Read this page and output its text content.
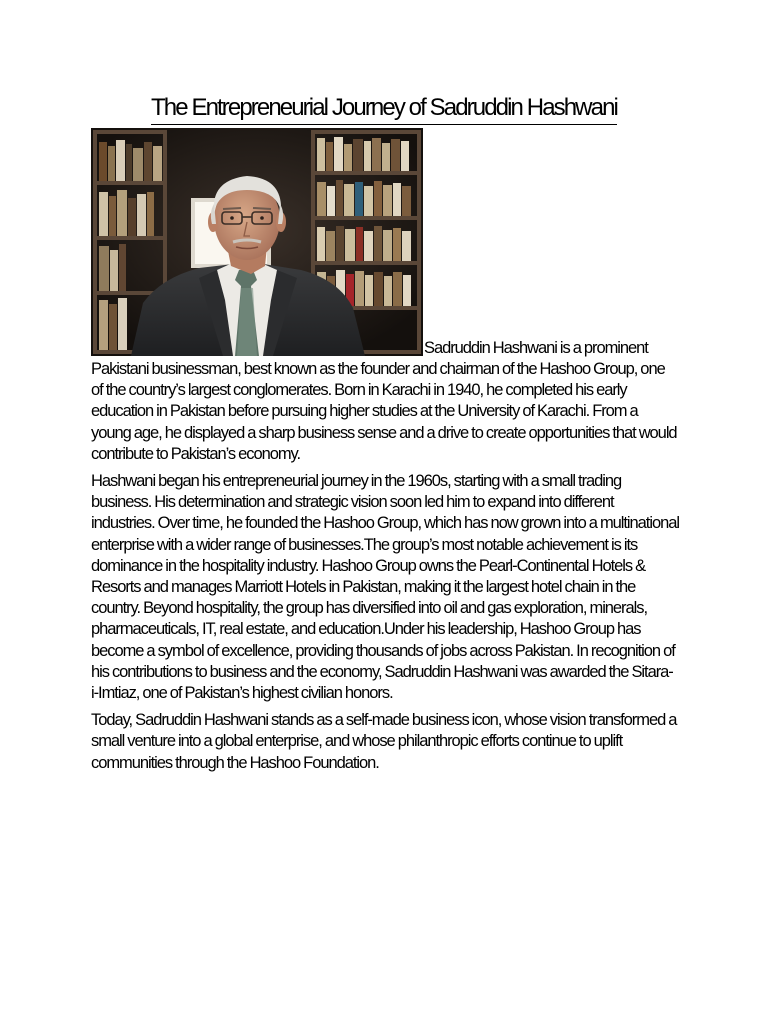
The Entrepreneurial Journey of Sadruddin Hashwani

Sadruddin Hashwani is a prominent
Pakistani businessman, best known as the founder and chairman of the Hashoo Group, one of the country’s largest conglomerates. Born in Karachi in 1940, he completed his early education in Pakistan before pursuing higher studies at the University of Karachi. From a young age, he displayed a sharp business sense and a drive to create opportunities that would contribute to Pakistan’s economy.

Hashwani began his entrepreneurial journey in the 1960s, starting with a small trading business. His determination and strategic vision soon led him to expand into different industries. Over time, he founded the Hashoo Group, which has now grown into a multinational enterprise with a wider range of businesses.The group’s most notable achievement is its dominance in the hospitality industry. Hashoo Group owns the Pearl-Continental Hotels & Resorts and manages Marriott Hotels in Pakistan, making it the largest hotel chain in the country. Beyond hospitality, the group has diversified into oil and gas exploration, minerals, pharmaceuticals, IT, real estate, and education.Under his leadership, Hashoo Group has become a symbol of excellence, providing thousands of jobs across Pakistan. In recognition of his contributions to business and the economy, Sadruddin Hashwani was awarded the Sitara-i-Imtiaz, one of Pakistan’s highest civilian honors.

Today, Sadruddin Hashwani stands as a self-made business icon, whose vision transformed a small venture into a global enterprise, and whose philanthropic efforts continue to uplift communities through the Hashoo Foundation.
